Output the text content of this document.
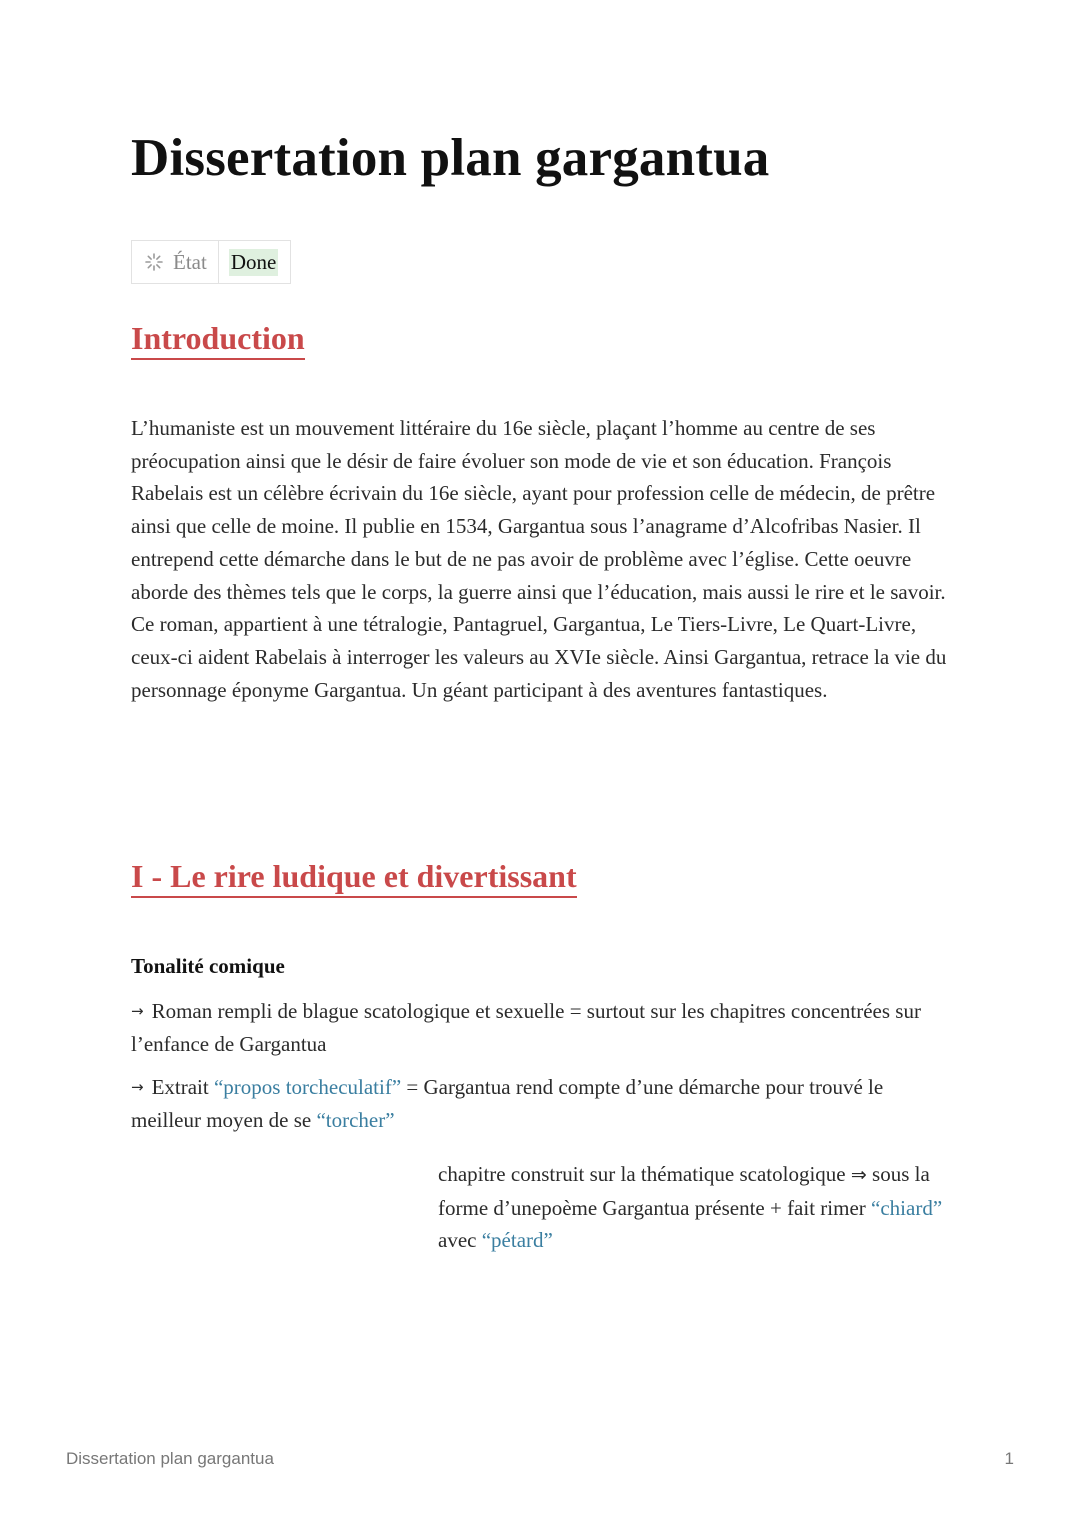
Dissertation plan gargantua
État Done
Introduction

L’humaniste est un mouvement littéraire du 16e siècle, plaçant l’homme au centre de ses préocupation ainsi que le désir de faire évoluer son mode de vie et son éducation. François Rabelais est un célèbre écrivain du 16e siècle, ayant pour profession celle de médecin, de prêtre ainsi que celle de moine. Il publie en 1534, Gargantua sous l’anagrame d’Alcofribas Nasier. Il entrepend cette démarche dans le but de ne pas avoir de problème avec l’église. Cette oeuvre aborde des thèmes tels que le corps, la guerre ainsi que l’éducation, mais aussi le rire et le savoir. Ce roman, appartient à une tétralogie, Pantagruel, Gargantua, Le Tiers-Livre, Le Quart-Livre, ceux-ci aident Rabelais à interroger les valeurs au XVIe siècle. Ainsi Gargantua, retrace la vie du personnage éponyme Gargantua. Un géant participant à des aventures fantastiques.

I - Le rire ludique et divertissant
Tonalité comique

→ Roman rempli de blague scatologique et sexuelle = surtout sur les chapitres concentrées sur l’enfance de Gargantua

→ Extrait “propos torcheculatif” = Gargantua rend compte d’une démarche pour trouvé le meilleur moyen de se “torcher”

chapitre construit sur la thématique scatologique ⇒ sous la forme d’unepoème Gargantua présente + fait rimer “chiard” avec “pétard”

Dissertation plan gargantua	1
